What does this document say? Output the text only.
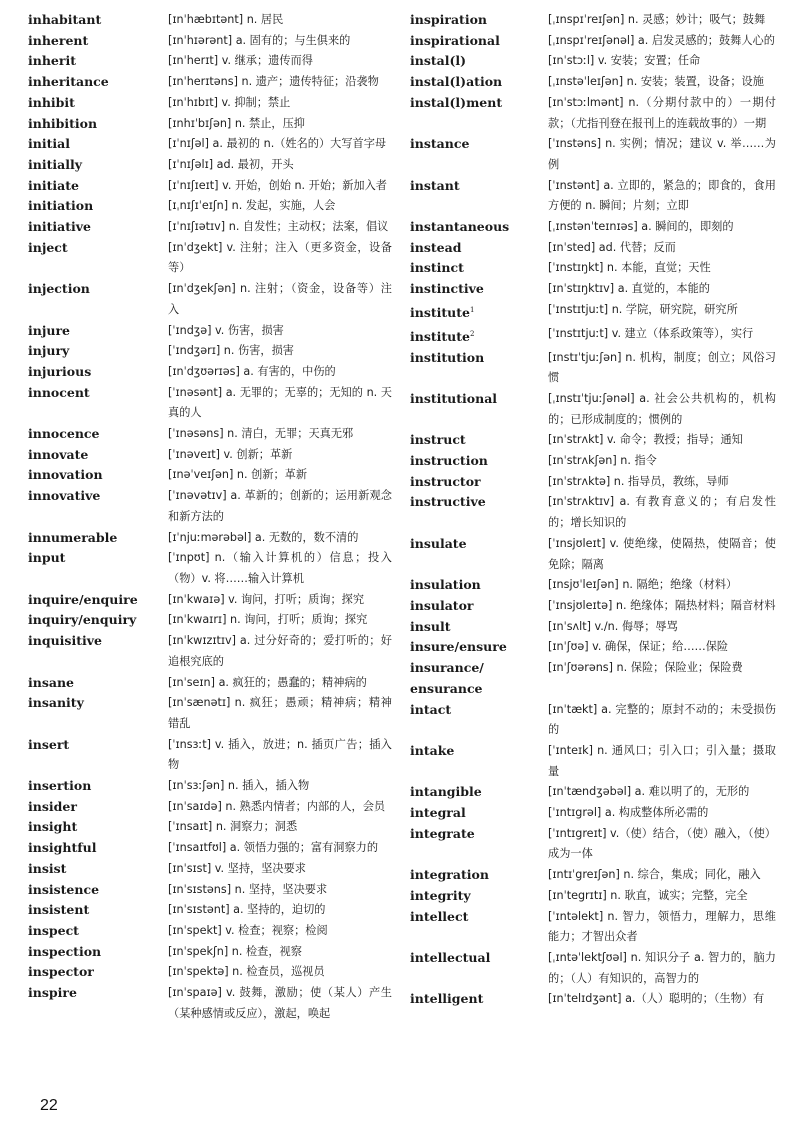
inhabitant	[ɪnˈhæbɪtənt] n. 居民
inherent	[ɪnˈhɪərənt] a. 固有的；与生俱来的
inherit	[ɪnˈherɪt] v. 继承；遗传而得
inheritance	[ɪnˈherɪtəns] n. 遗产；遗传特征；沿袭物
inhibit	[ɪnˈhɪbɪt] v. 抑制；禁止
inhibition	[ɪnhɪˈbɪʃən] n. 禁止，压抑
initial	[ɪˈnɪʃəl] a. 最初的 n.（姓名的）大写首字母
initially	[ɪˈnɪʃəlɪ] ad. 最初，开头
initiate	[ɪˈnɪʃɪeɪt] v. 开始，创始 n. 开始；新加入者
initiation	[ɪˌnɪʃɪˈeɪʃn] n. 发起，实施，人会
initiative	[ɪˈnɪʃɪətɪv] n. 自发性；主动权；法案，倡议
inject	[ɪnˈdʒekt] v. 注射；注入（更多资金，设备等）
injection	[ɪnˈdʒekʃən] n. 注射；（资金，设备等）注入
injure	[ˈɪndʒə] v. 伤害，损害
injury	[ˈɪndʒərɪ] n. 伤害，损害
injurious	[ɪnˈdʒʊərɪəs] a. 有害的，中伤的
innocent	[ˈɪnəsənt] a. 无罪的；无辜的；无知的 n. 天真的人
innocence	[ˈɪnəsəns] n. 清白，无罪；天真无邪
innovate	[ˈɪnəveɪt] v. 创新；革新
innovation	[ɪnəˈveɪʃən] n. 创新；革新
innovative	[ˈɪnəvətɪv] a. 革新的；创新的；运用新观念和新方法的
innumerable	[ɪˈnjuːmərəbəl] a. 无数的，数不清的
input	[ˈɪnpʊt] n.（输入计算机的）信息；投入（物）v. 将……输入计算机
inquire/enquire	[ɪnˈkwaɪə] v. 询问，打听；质询；探究
inquiry/enquiry	[ɪnˈkwaɪrɪ] n. 询问，打听；质询；探究
inquisitive	[ɪnˈkwɪzɪtɪv] a. 过分好奇的；爱打听的；好追根究底的
insane	[ɪnˈseɪn] a. 疯狂的；愚蠢的；精神病的
insanity	[ɪnˈsænətɪ] n. 疯狂；愚顽；精神病；精神错乱
insert	[ˈɪnsɜːt] v. 插入，放进；n. 插页广告；插入物
insertion	[ɪnˈsɜːʃən] n. 插入，插入物
insider	[ɪnˈsaɪdə] n. 熟悉内情者；内部的人，会员
insight	[ˈɪnsaɪt] n. 洞察力；洞悉
insightful	[ˈɪnsaɪtfʊl] a. 领悟力强的；富有洞察力的
insist	[ɪnˈsɪst] v. 坚持，坚决要求
insistence	[ɪnˈsɪstəns] n. 坚持，坚决要求
insistent	[ɪnˈsɪstənt] a. 坚持的，迫切的
inspect	[ɪnˈspekt] v. 检查；视察；检阅
inspection	[ɪnˈspekʃn] n. 检查，视察
inspector	[ɪnˈspektə] n. 检查员，巡视员
inspire	[ɪnˈspaɪə] v. 鼓舞，激励；使（某人）产生（某种感情或反应），激起，唤起
inspiration	[ˌɪnspɪˈreɪʃən] n. 灵感；妙计；吸气；鼓舞
inspirational	[ˌɪnspɪˈreɪʃənəl] a. 启发灵感的；鼓舞人心的
instal(l)	[ɪnˈstɔːl] v. 安装；安置；任命
instal(l)ation	[ˌɪnstəˈleɪʃən] n. 安装；装置，设备；设施
instal(l)ment	[ɪnˈstɔːlmənt] n.（分期付款中的）一期付款；（尤指刊登在报刊上的连载故事的）一期
instance	[ˈɪnstəns] n. 实例；情况；建议 v. 举……为例
instant	[ˈɪnstənt] a. 立即的，紧急的；即食的，食用方便的 n. 瞬间；片刻；立即
instantaneous	[ˌɪnstənˈteɪnɪəs] a. 瞬间的，即刻的
instead	[ɪnˈsted] ad. 代替；反而
instinct	[ˈɪnstɪŋkt] n. 本能，直觉；天性
instinctive	[ɪnˈstɪŋktɪv] a. 直觉的，本能的
institute$^1$	[ˈɪnstɪtjuːt] n. 学院，研究院，研究所
institute$^2$	[ˈɪnstɪtjuːt] v. 建立（体系政策等），实行
institution	[ɪnstɪˈtjuːʃən] n. 机构，制度；创立；风俗习惯
institutional	[ˌɪnstɪˈtjuːʃənəl] a. 社会公共机构的，机构的；已形成制度的；惯例的
instruct	[ɪnˈstrʌkt] v. 命令；教授；指导；通知
instruction	[ɪnˈstrʌkʃən] n. 指令
instructor	[ɪnˈstrʌktə] n. 指导员，教练，导师
instructive	[ɪnˈstrʌktɪv] a. 有教育意义的；有启发性的；增长知识的
insulate	[ˈɪnsjʊleɪt] v. 使绝缘，使隔热，使隔音；使免除；隔离
insulation	[ɪnsjʊˈleɪʃən] n. 隔绝；绝缘（材料）
insulator	[ˈɪnsjʊleɪtə] n. 绝缘体；隔热材料；隔音材料
insult	[ɪnˈsʌlt] v./n. 侮辱；辱骂
insure/ensure	[ɪnˈʃʊə] v. 确保，保证；给……保险
insurance/	[ɪnˈʃʊərəns] n. 保险；保险业；保险费
ensurance
intact	[ɪnˈtækt] a. 完整的；原封不动的；未受损伤的
intake	[ˈɪnteɪk] n. 通风口；引入口；引入量；摄取量
intangible	[ɪnˈtændʒəbəl] a. 难以明了的，无形的
integral	[ˈɪntɪgrəl] a. 构成整体所必需的
integrate	[ˈɪntɪgreɪt] v.（使）结合，（使）融入，（使）成为一体
integration	[ɪntɪˈgreɪʃən] n. 综合，集成；同化，融入
integrity	[ɪnˈtegrɪtɪ] n. 耿直，诚实；完整，完全
intellect	[ˈɪntəlekt] n. 智力，领悟力，理解力，思维能力；才智出众者
intellectual	[ˌɪntəˈlektʃʊəl] n. 知识分子 a. 智力的，脑力的；（人）有知识的，高智力的
intelligent	[ɪnˈtelɪdʒənt] a.（人）聪明的；（生物）有
22
